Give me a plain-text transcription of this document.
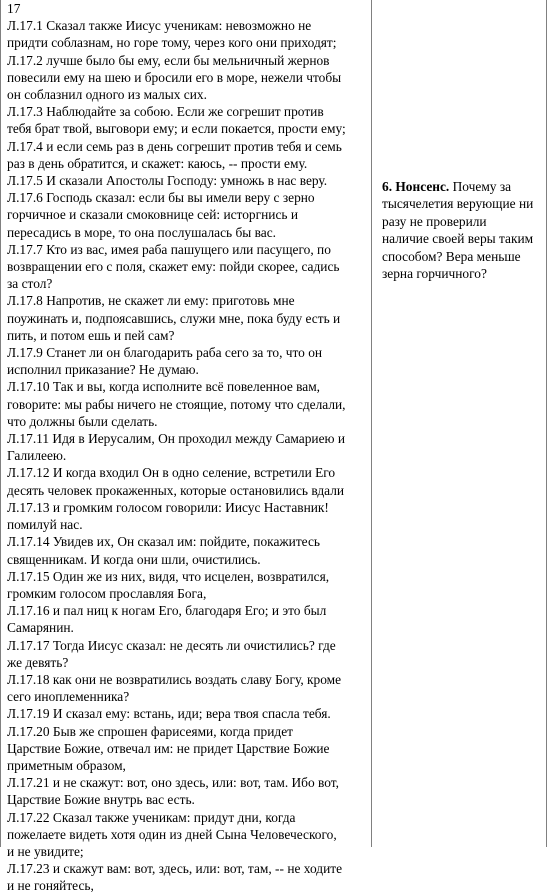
17
Л.17.1 Сказал также Иисус ученикам: невозможно не
придти соблазнам, но горе тому, через кого они приходят;
Л.17.2 лучше было бы ему, если бы мельничный жернов
повесили ему на шею и бросили его в море, нежели чтобы
он соблазнил одного из малых сих.
Л.17.3 Наблюдайте за собою. Если же согрешит против
тебя брат твой, выговори ему; и если покается, прости ему;
Л.17.4 и если семь раз в день согрешит против тебя и семь
раз в день обратится, и скажет: каюсь, -- прости ему.
Л.17.5 И сказали Апостолы Господу: умножь в нас веру.
Л.17.6 Господь сказал: если бы вы имели веру с зерно
горчичное и сказали смоковнице сей: исторгнись и
пересадись в море, то она послушалась бы вас.
Л.17.7 Кто из вас, имея раба пашущего или пасущего, по
возвращении его с поля, скажет ему: пойди скорее, садись
за стол?
Л.17.8 Напротив, не скажет ли ему: приготовь мне
поужинать и, подпоясавшись, служи мне, пока буду есть и
пить, и потом ешь и пей сам?
Л.17.9 Станет ли он благодарить раба сего за то, что он
исполнил приказание? Не думаю.
Л.17.10 Так и вы, когда исполните всё повеленное вам,
говорите: мы рабы ничего не стоящие, потому что сделали,
что должны были сделать.
Л.17.11 Идя в Иерусалим, Он проходил между Самариею и
Галилеею.
Л.17.12 И когда входил Он в одно селение, встретили Его
десять человек прокаженных, которые остановились вдали
Л.17.13 и громким голосом говорили: Иисус Наставник!
помилуй нас.
Л.17.14 Увидев их, Он сказал им: пойдите, покажитесь
священникам. И когда они шли, очистились.
Л.17.15 Один же из них, видя, что исцелен, возвратился,
громким голосом прославляя Бога,
Л.17.16 и пал ниц к ногам Его, благодаря Его; и это был
Самарянин.
Л.17.17 Тогда Иисус сказал: не десять ли очистились? где
же девять?
Л.17.18 как они не возвратились воздать славу Богу, кроме
сего иноплеменника?
Л.17.19 И сказал ему: встань, иди; вера твоя спасла тебя.
Л.17.20 Быв же спрошен фарисеями, когда придет
Царствие Божие, отвечал им: не придет Царствие Божие
приметным образом,
Л.17.21 и не скажут: вот, оно здесь, или: вот, там. Ибо вот,
Царствие Божие внутрь вас есть.
Л.17.22 Сказал также ученикам: придут дни, когда
пожелаете видеть хотя один из дней Сына Человеческого,
и не увидите;
Л.17.23 и скажут вам: вот, здесь, или: вот, там, -- не ходите
и не гоняйтесь,
6. Нонсенс. Почему за
тысячелетия верующие ни
разу не проверили
наличие своей веры таким
способом? Вера меньше
зерна горчичного?
